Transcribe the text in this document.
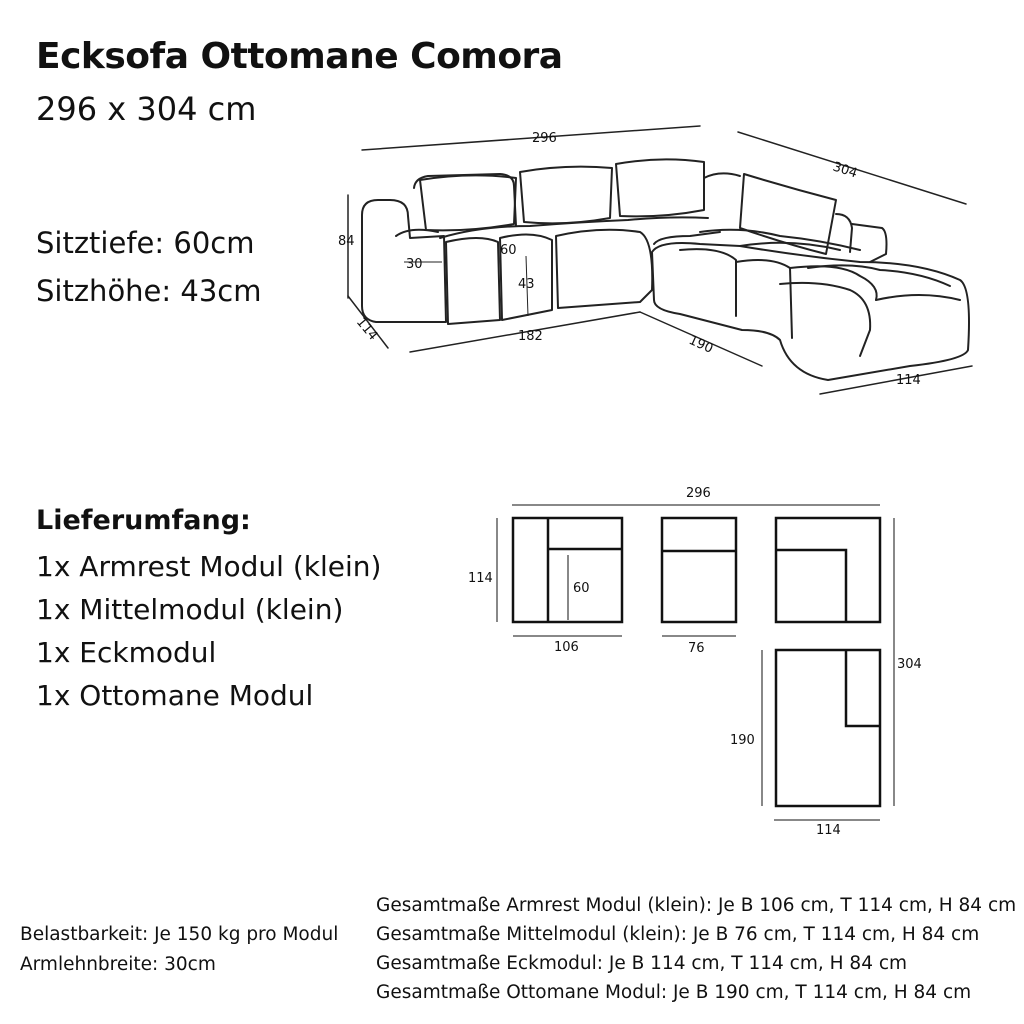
Ecksofa Ottomane Comora

296 x 304 cm

Sitztiefe: 60cm

Sitzhöhe: 43cm

296
304
84
30
60
43
114	182	190
114
296
114
60
106	76
304
190
114

Lieferumfang:

1x Armrest Modul (klein)
1x Mittelmodul (klein)
1x Eckmodul
1x Ottomane Modul
Belastbarkeit: Je 150 kg pro Modul
Armlehnbreite: 30cm
Gesamtmaße Armrest Modul (klein): Je B 106 cm, T 114 cm, H 84 cm
Gesamtmaße Mittelmodul (klein): Je B 76 cm, T 114 cm, H 84 cm
Gesamtmaße Eckmodul: Je B 114 cm, T 114 cm, H 84 cm
Gesamtmaße Ottomane Modul: Je B 190 cm, T 114 cm, H 84 cm
